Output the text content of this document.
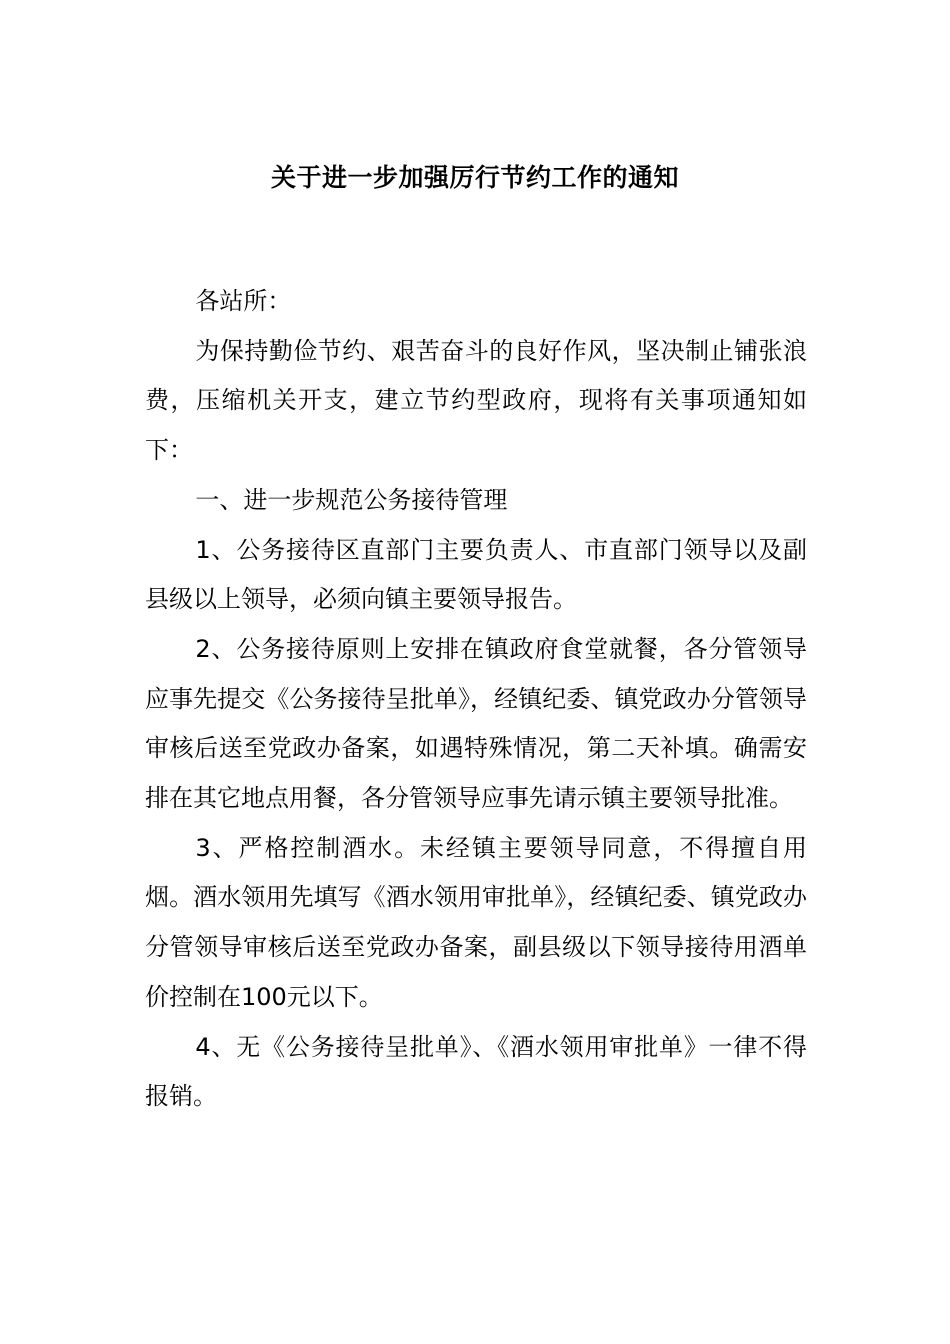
关于进一步加强厉行节约工作的通知

各站所：

为保持勤俭节约、艰苦奋斗的良好作风，坚决制止铺张浪费，压缩机关开支，建立节约型政府，现将有关事项通知如下：

一、进一步规范公务接待管理

1、公务接待区直部门主要负责人、市直部门领导以及副县级以上领导，必须向镇主要领导报告。

2、公务接待原则上安排在镇政府食堂就餐，各分管领导应事先提交《公务接待呈批单》，经镇纪委、镇党政办分管领导审核后送至党政办备案，如遇特殊情况，第二天补填。确需安排在其它地点用餐，各分管领导应事先请示镇主要领导批准。

3、严格控制酒水。未经镇主要领导同意，不得擅自用烟。酒水领用先填写《酒水领用审批单》，经镇纪委、镇党政办分管领导审核后送至党政办备案，副县级以下领导接待用酒单价控制在100元以下。

4、无《公务接待呈批单》、《酒水领用审批单》一律不得报销。
